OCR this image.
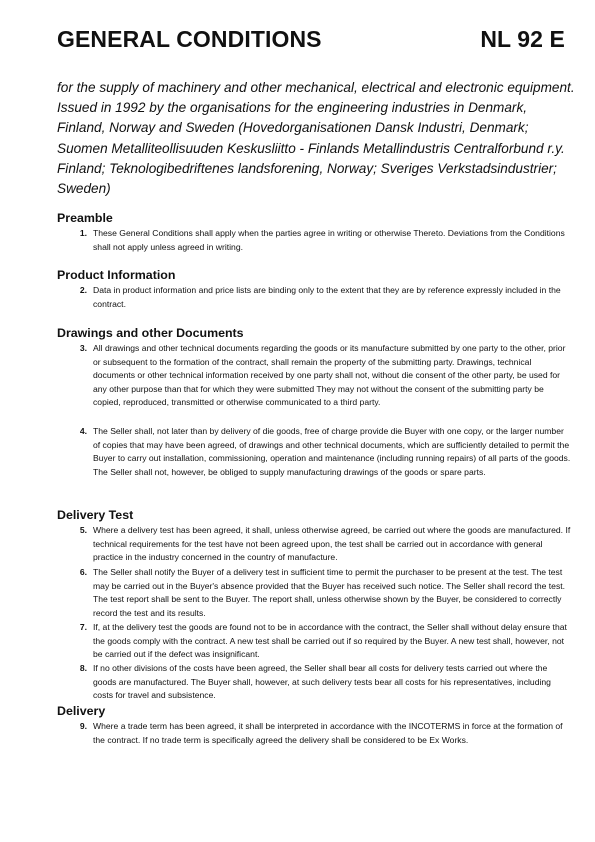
GENERAL CONDITIONS	NL 92 E
for the supply of machinery and other mechanical, electrical and electronic equipment. Issued in 1992 by the organisations for the engineering industries in Denmark, Finland, Norway and Sweden (Hovedorganisationen Dansk Industri, Denmark; Suomen Metalliteollisuuden Keskusliitto - Finlands Metallindustris Centralforbund r.y. Finland; Teknologibedriftenes landsforening, Norway; Sveriges Verkstadsindustrier; Sweden)
Preamble
1. These General Conditions shall apply when the parties agree in writing or otherwise Thereto. Deviations from the Conditions shall not apply unless agreed in writing.
Product Information
2. Data in product information and price lists are binding only to the extent that they are by reference expressly included in the contract.
Drawings and other Documents
3. All drawings and other technical documents regarding the goods or its manufacture submitted by one party to the other, prior or subsequent to the formation of the contract, shall remain the property of the submitting party. Drawings, technical documents or other technical information received by one party shall not, without die consent of the other party, be used for any other purpose than that for which they were submitted They may not without the consent of the submitting party be copied, reproduced, transmitted or otherwise communicated to a third party.
4. The Seller shall, not later than by delivery of die goods, free of charge provide die Buyer with one copy, or the larger number of copies that may have been agreed, of drawings and other technical documents, which are sufficiently detailed to permit the Buyer to carry out installation, commissioning, operation and maintenance (including running repairs) of all parts of the goods. The Seller shall not, however, be obliged to supply manufacturing drawings of the goods or spare parts.
Delivery Test
5. Where a delivery test has been agreed, it shall, unless otherwise agreed, be carried out where the goods are manufactured. If technical requirements for the test have not been agreed upon, the test shall be carried out in accordance with general practice in the industry concerned in the country of manufacture.
6. The Seller shall notify the Buyer of a delivery test in sufficient time to permit the purchaser to be present at the test. The test may be carried out in the Buyer's absence provided that the Buyer has received such notice. The Seller shall record the test. The test report shall be sent to the Buyer. The report shall, unless otherwise shown by the Buyer, be considered to correctly record the test and its results.
7. If, at the delivery test the goods are found not to be in accordance with the contract, the Seller shall without delay ensure that the goods comply with the contract. A new test shall be carried out if so required by the Buyer. A new test shall, however, not be carried out if the defect was insignificant.
8. If no other divisions of the costs have been agreed, the Seller shall bear all costs for delivery tests carried out where the goods are manufactured. The Buyer shall, however, at such delivery tests bear all costs for his representatives, including costs for travel and subsistence.
Delivery
9. Where a trade term has been agreed, it shall be interpreted in accordance with the INCOTERMS in force at the formation of the contract. If no trade term is specifically agreed the delivery shall be considered to be Ex Works.
